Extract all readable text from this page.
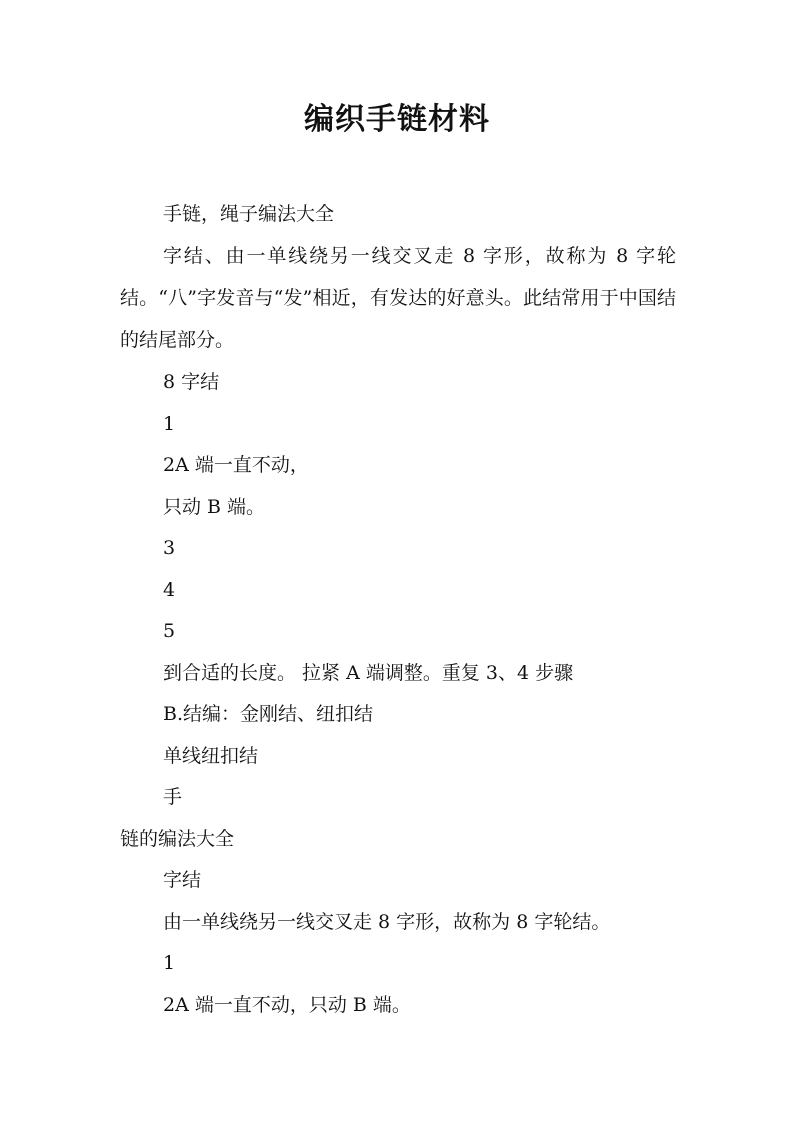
编织手链材料
手链，绳子编法大全
字结、由一单线绕另一线交叉走 8 字形，故称为 8 字轮结。“八”字发音与“发”相近，有发达的好意头。此结常用于中国结的结尾部分。
8 字结
1
2A 端一直不动，
只动 B 端。
3
4
5
到合适的长度。 拉紧 A 端调整。重复 3、4 步骤
B.结编：金刚结、纽扣结
单线纽扣结
手
链的编法大全
字结
由一单线绕另一线交叉走 8 字形，故称为 8 字轮结。
1
2A 端一直不动，只动 B 端。
